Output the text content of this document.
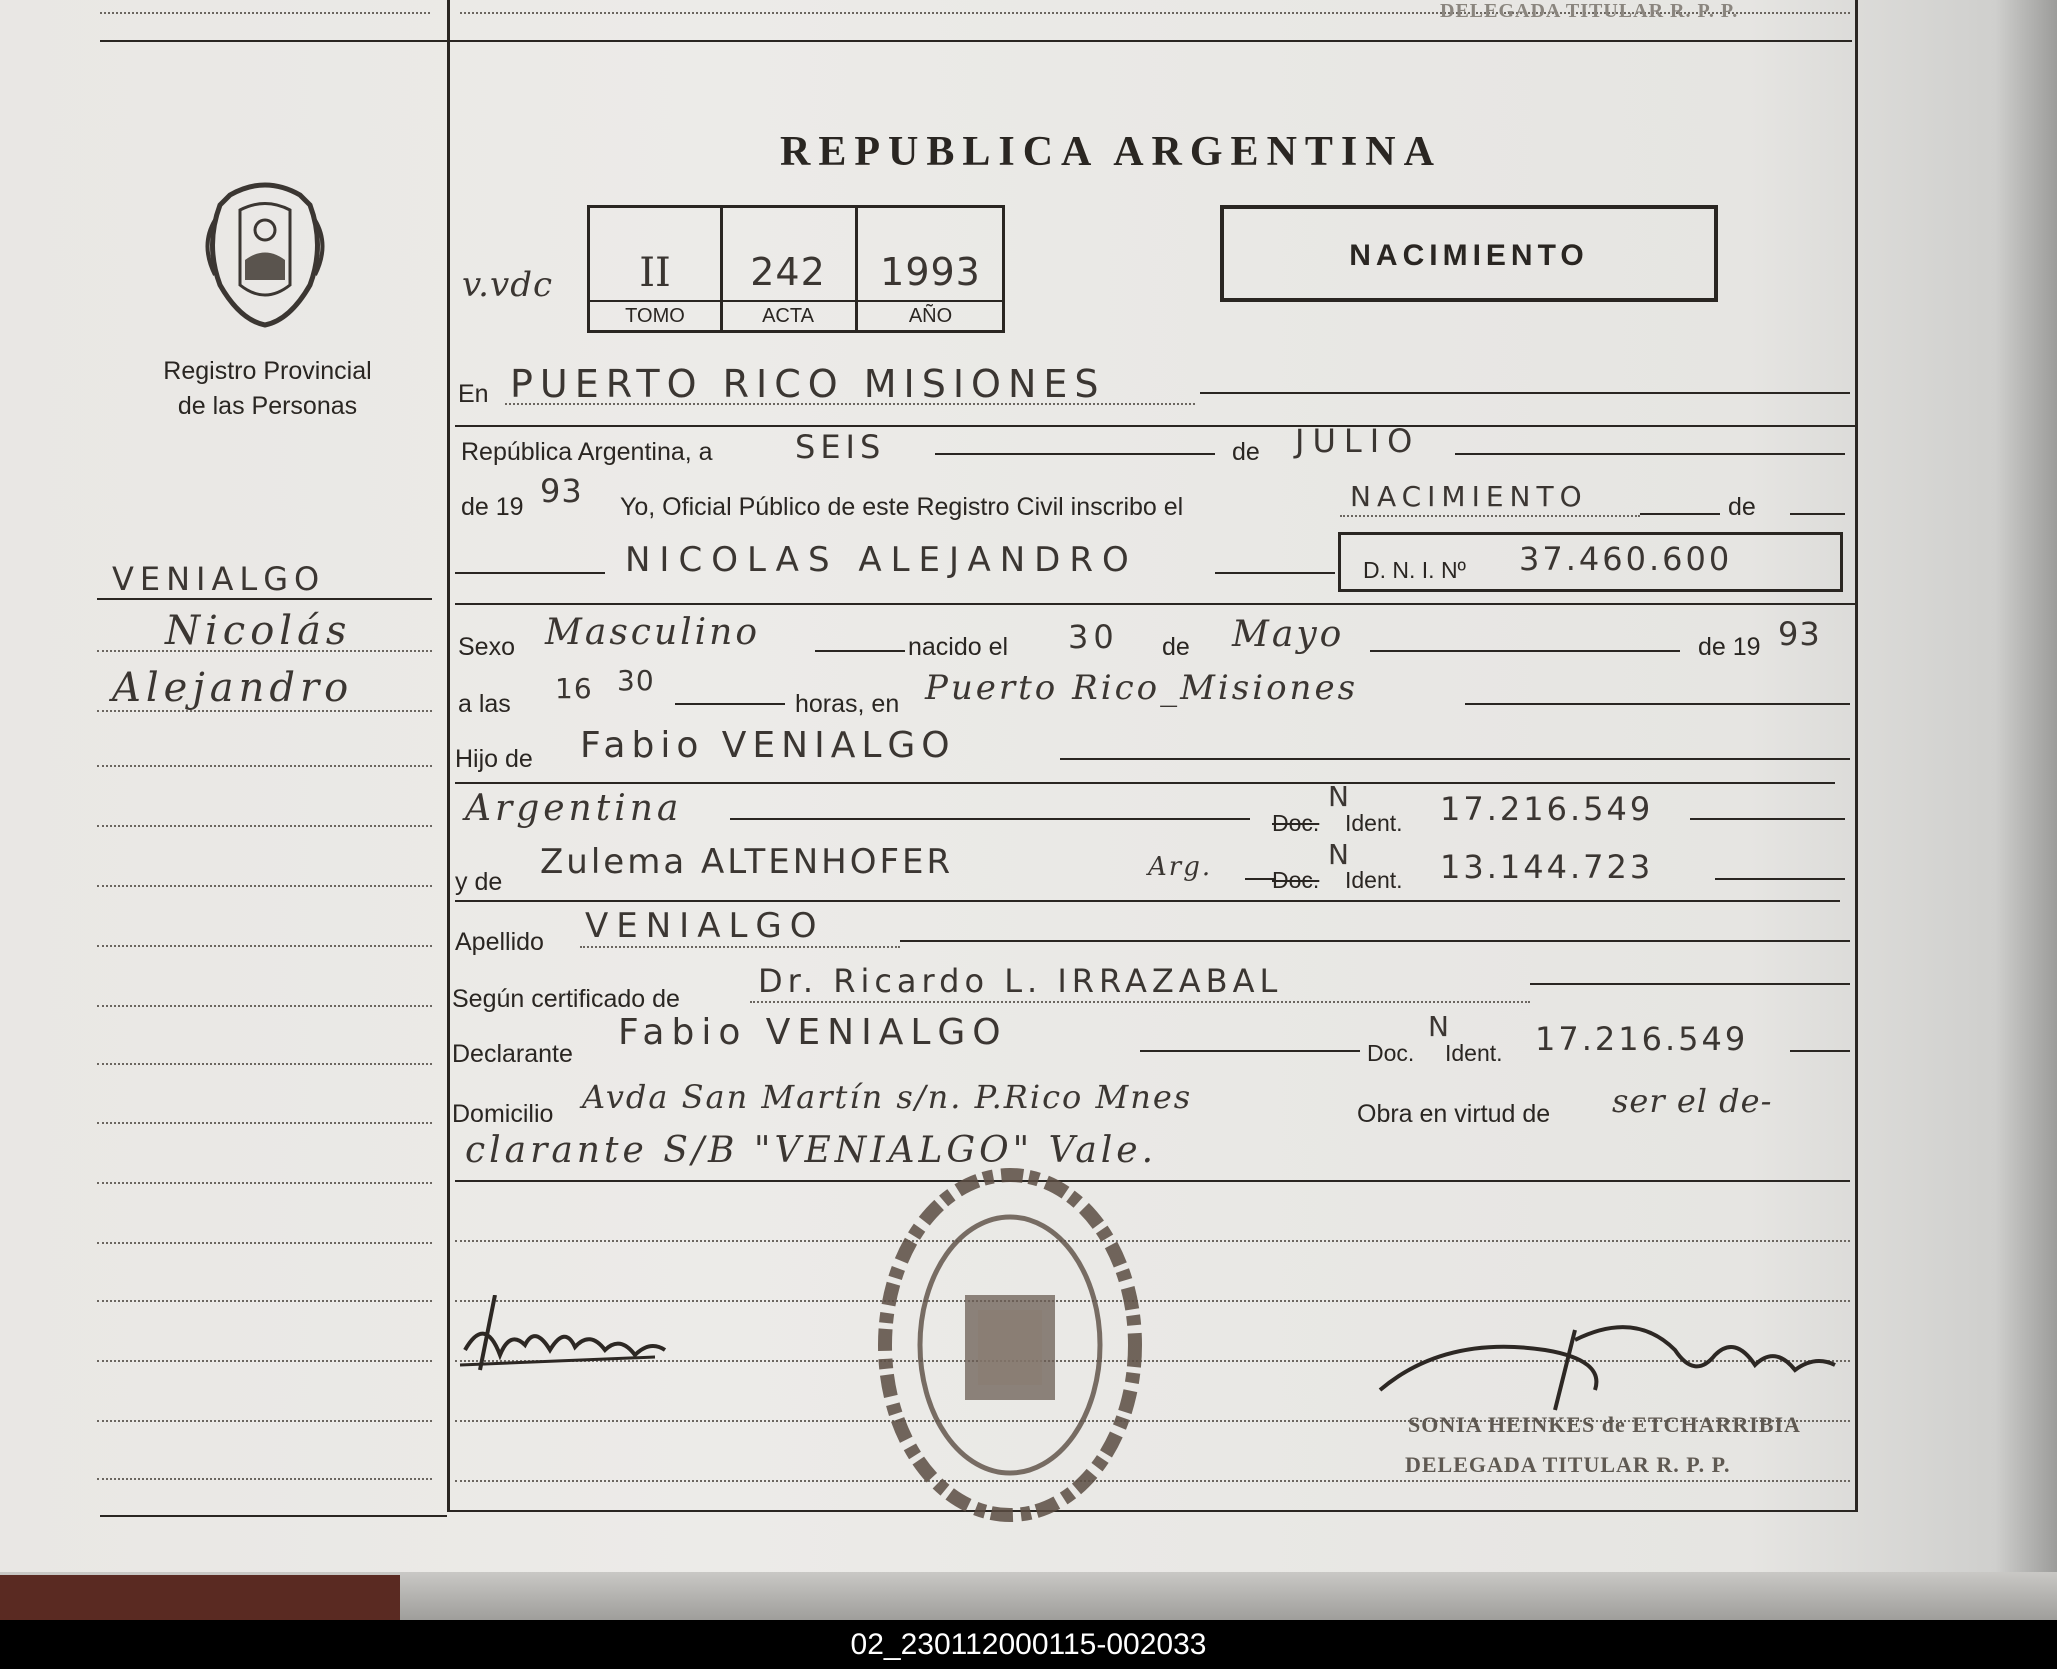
DELEGADA TITULAR R. P. P.
Registro Provincial
de las Personas
REPUBLICA ARGENTINA
v.vdc	II	242	1993
TOMO	ACTA	AÑO
NACIMIENTO
En PUERTO RICO MISIONES
República Argentina, a	SEIS	de JULIO
de 19 93 Yo, Oficial Público de este Registro Civil inscribo el	NACIMIENTO	de
NICOLAS ALEJANDRO	D. N. I. Nº 37.460.600
VENIALGO
Nicolás
Alejandro
Sexo Masculino	nacido el 30 de Mayo	de 19 93
a las 16 30
horas, en Puerto Rico_Misiones
Hijo de Fabio VENIALGO
Argentina	Doc.
N
Ident. 17.216.549
y de Zulema ALTENHOFER	Arg.	Doc.
N
Ident. 13.144.723
Apellido VENIALGO
Según certificado de Dr. Ricardo L. IRRAZABAL
Declarante
Fabio VENIALGO	Doc.
N
Ident. 17.216.549
Domicilio Avda San Martín s/n. P.Rico Mnes	Obra en virtud de ser el de-
clarante S/B "VENIALGO" Vale.
SONIA HEINKES de ETCHARRIBIA
DELEGADA TITULAR R. P. P.
02_230112000115-002033
